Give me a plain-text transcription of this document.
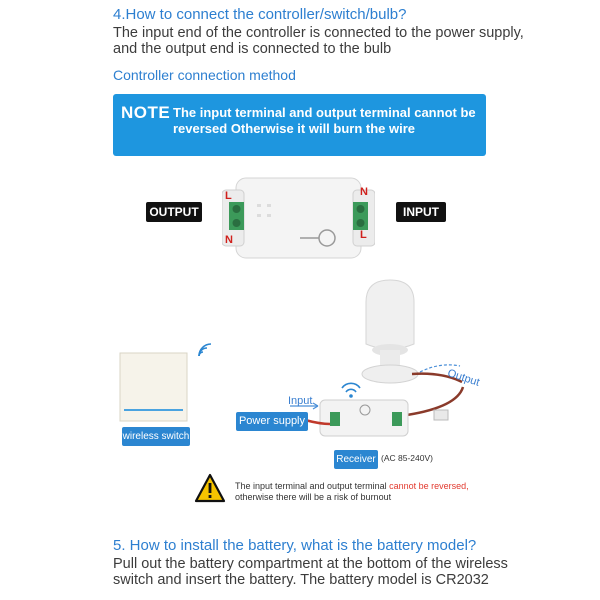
4.How to connect the controller/switch/bulb?
The input end of the controller is connected to the power supply, and the output end is connected to the bulb
Controller connection method
NOTE The input terminal and output terminal cannot be reversed Otherwise it will burn the wire
OUTPUT	INPUT
L
N
N
L
wireless switch
Power supply
Receiver (AC 85-240V)
Input
Output
The input terminal and output terminal cannot be reversed,
otherwise there will be a risk of burnout
5. How to install the battery, what is the battery model?
Pull out the battery compartment at the bottom of the wireless switch and insert the battery. The battery model is CR2032
